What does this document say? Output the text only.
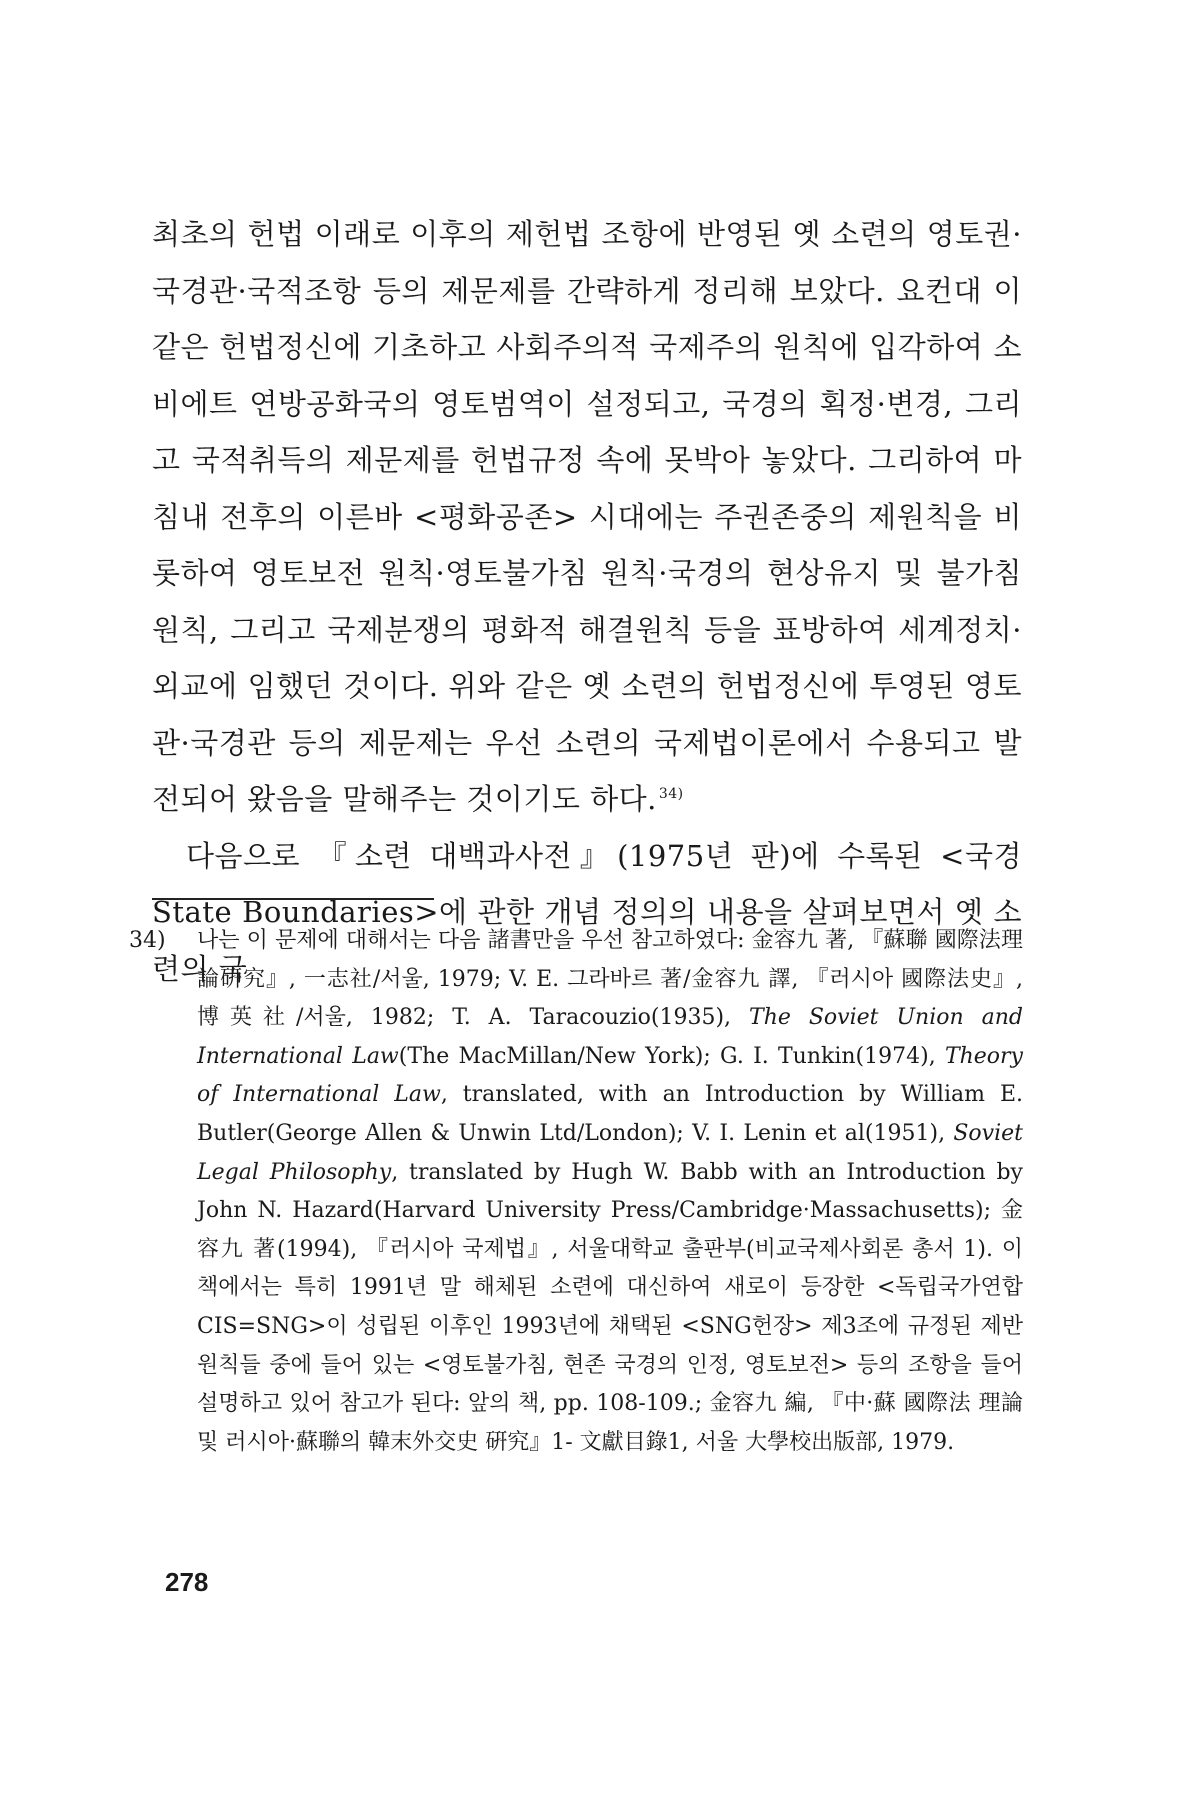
최초의 헌법 이래로 이후의 제헌법 조항에 반영된 옛 소련의 영토권·국경관·국적조항 등의 제문제를 간략하게 정리해 보았다. 요컨대 이같은 헌법정신에 기초하고 사회주의적 국제주의 원칙에 입각하여 소비에트 연방공화국의 영토범역이 설정되고, 국경의 획정·변경, 그리고 국적취득의 제문제를 헌법규정 속에 못박아 놓았다. 그리하여 마침내 전후의 이른바 <평화공존> 시대에는 주권존중의 제원칙을 비롯하여 영토보전 원칙·영토불가침 원칙·국경의 현상유지 및 불가침 원칙, 그리고 국제분쟁의 평화적 해결원칙 등을 표방하여 세계정치·외교에 임했던 것이다. 위와 같은 옛 소련의 헌법정신에 투영된 영토관·국경관 등의 제문제는 우선 소련의 국제법이론에서 수용되고 발전되어 왔음을 말해주는 것이기도 하다. $^{34)}$

다음으로 『소련 대백과사전』(1975년 판)에 수록된 <국경 State Boundaries>에 관한 개념 정의의 내용을 살펴보면서 옛 소련의 국

34) 나는 이 문제에 대해서는 다음 諸書만을 우선 참고하였다: 金容九 著, 『蘇聯 國際法理論硏究』, 一志社/서울, 1979; V. E. 그라바르 著/金容九 譯, 『러시아 國際法史』, 博英社/서울, 1982; T. A. Taracouzio(1935), The Soviet Union and International Law(The MacMillan/New York); G. I. Tunkin(1974), Theory of International Law, translated, with an Introduction by William E. Butler(George Allen & Unwin Ltd/London); V. I. Lenin et al(1951), Soviet Legal Philosophy, translated by Hugh W. Babb with an Introduction by John N. Hazard(Harvard University Press/Cambridge·Massachusetts); 金容九 著(1994), 『러시아 국제법』, 서울대학교 출판부(비교국제사회론 총서 1). 이 책에서는 특히 1991년 말 해체된 소련에 대신하여 새로이 등장한 <독립국가연합CIS=SNG>이 성립된 이후인 1993년에 채택된 <SNG헌장> 제3조에 규정된 제반 원칙들 중에 들어 있는 <영토불가침, 현존 국경의 인정, 영토보전> 등의 조항을 들어 설명하고 있어 참고가 된다: 앞의 책, pp. 108-109.; 金容九 編, 『中·蘇 國際法 理論 및 러시아·蘇聯의 韓末外交史 硏究』1- 文獻目錄1, 서울 大學校出版部, 1979.
278
